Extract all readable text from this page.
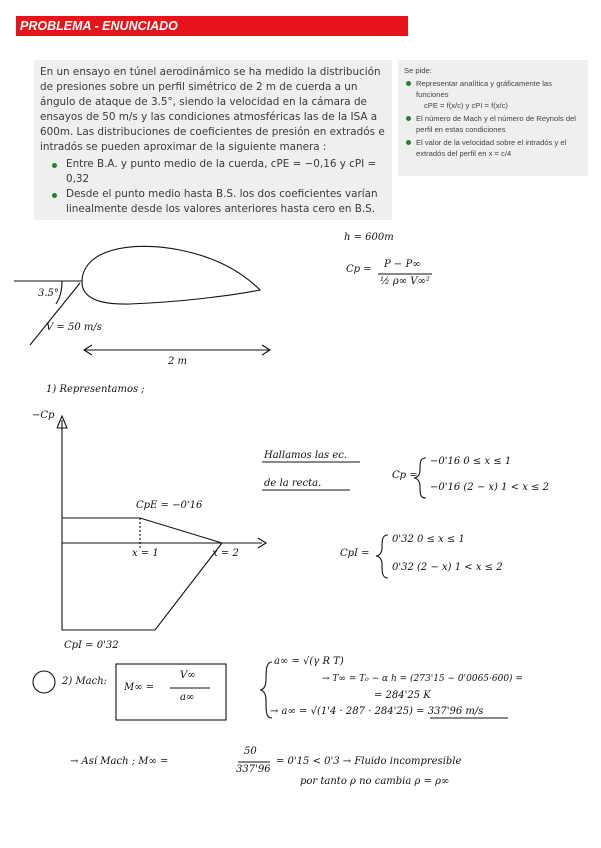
PROBLEMA - ENUNCIADO
En un ensayo en túnel aerodinámico se ha medido la distribución de presiones sobre un perfil simétrico de 2 m de cuerda a un ángulo de ataque de 3.5°, siendo la velocidad en la cámara de ensayos de 50 m/s y las condiciones atmosféricas las de la ISA a 600m. Las distribuciones de coeficientes de presión en extradós e intradós se pueden aproximar de la siguiente manera :
Entre B.A. y punto medio de la cuerda, cPE = −0,16 y cPI = 0,32
Desde el punto medio hasta B.S. los dos coeficientes varían linealmente desde los valores anteriores hasta cero en B.S.
Se pide:
Representar analítica y gráficamente las funciones
cPE = f(x/c) y cPI = f(x/c)
El número de Mach y el número de Reynols del perfil en estas condiciones
El valor de la velocidad sobre el intradós y el extradós del perfil en x = c/4
h = 600m
Cp = P − P∞
½ ρ∞ V∞²
3.5°
V = 50 m/s
2 m
1) Representamos ;
−Cp
Hallamos las ec.
de la recta.
Cp =
−0'16 0 ≤ x ≤ 1
−0'16 (2 − x) 1 < x ≤ 2
CpE = −0'16
x = 1	x = 2	CpI =
0'32 0 ≤ x ≤ 1
0'32 (2 − x) 1 < x ≤ 2
CpI = 0'32
2) Mach:
M∞ =
V∞
a∞
a∞ = √(γ R T)
→ T∞ = T₀ − α h = (273'15 − 0'0065·600) =
= 284'25 K
→ a∞ = √(1'4 · 287 · 284'25) = 337'96 m/s
→ Así Mach ; M∞ =
50
337'96
= 0'15 < 0'3 → Fluido incompresible
por tanto ρ no cambia ρ = ρ∞
